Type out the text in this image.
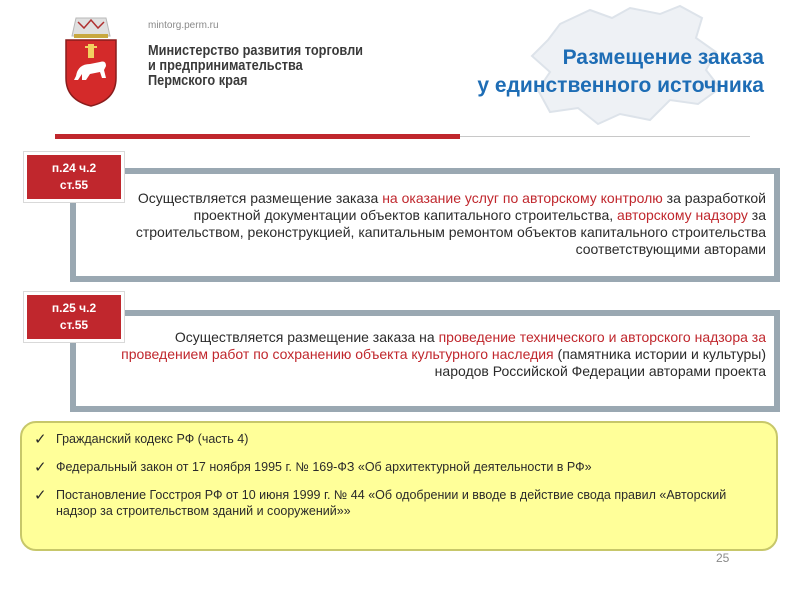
mintorg.perm.ru
Министерство развития торговли
и предпринимательства
Пермского края
Размещение заказа
у единственного источника
Осуществляется размещение заказа на оказание услуг по авторскому контролю за разработкой проектной документации объектов капитального строительства, авторскому надзору за строительством, реконструкцией, капитальным ремонтом объектов капитального строительства соответствующими авторами
п.24 ч.2
ст.55
Осуществляется размещение заказа на проведение технического и авторского надзора за проведением работ по сохранению объекта культурного наследия (памятника истории и культуры) народов Российской Федерации авторами проекта
п.25 ч.2
ст.55
✓ Гражданский кодекс РФ (часть 4)
✓ Федеральный закон от 17 ноября 1995 г. № 169-ФЗ «Об архитектурной деятельности в РФ»
✓ Постановление Госстроя РФ от 10 июня 1999 г. № 44 «Об одобрении и вводе в действие свода правил «Авторский надзор за строительством зданий и сооружений»»
25
